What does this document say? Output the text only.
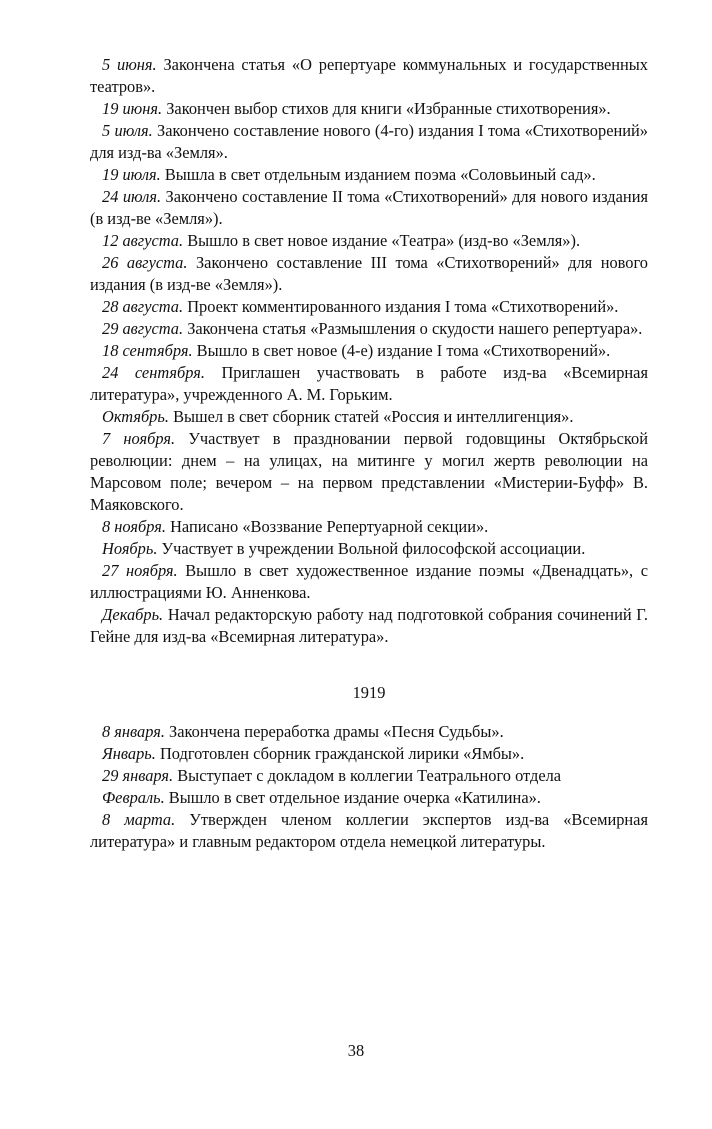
5 июня. Закончена статья «О репертуаре коммунальных и государственных театров».

19 июня. Закончен выбор стихов для книги «Избранные стихотворения».

5 июля. Закончено составление нового (4-го) издания I тома «Стихотворений» для изд-ва «Земля».

19 июля. Вышла в свет отдельным изданием поэма «Соловьиный сад».

24 июля. Закончено составление II тома «Стихотворений» для нового издания (в изд-ве «Земля»).

12 августа. Вышло в свет новое издание «Театра» (изд-во «Земля»).

26 августа. Закончено составление III тома «Стихотворений» для нового издания (в изд-ве «Земля»).

28 августа. Проект комментированного издания I тома «Стихотворений».

29 августа. Закончена статья «Размышления о скудости нашего репертуара».

18 сентября. Вышло в свет новое (4-е) издание I тома «Стихотворений».

24 сентября. Приглашен участвовать в работе изд-ва «Всемирная литература», учрежденного А. М. Горьким.

Октябрь. Вышел в свет сборник статей «Россия и интеллигенция».

7 ноября. Участвует в праздновании первой годовщины Октябрьской революции: днем – на улицах, на митинге у могил жертв революции на Марсовом поле; вечером – на первом представлении «Мистерии-Буфф» В. Маяковского.

8 ноября. Написано «Воззвание Репертуарной секции».

Ноябрь. Участвует в учреждении Вольной философской ассоциации.

27 ноября. Вышло в свет художественное издание поэмы «Двенадцать», с иллюстрациями Ю. Анненкова.

Декабрь. Начал редакторскую работу над подготовкой собрания сочинений Г. Гейне для изд-ва «Всемирная литература».

1919

8 января. Закончена переработка драмы «Песня Судьбы».

Январь. Подготовлен сборник гражданской лирики «Ямбы».

29 января. Выступает с докладом в коллегии Театрального отдела

Февраль. Вышло в свет отдельное издание очерка «Катилина».

8 марта. Утвержден членом коллегии экспертов изд-ва «Всемирная литература» и главным редактором отдела немецкой литературы.

38
